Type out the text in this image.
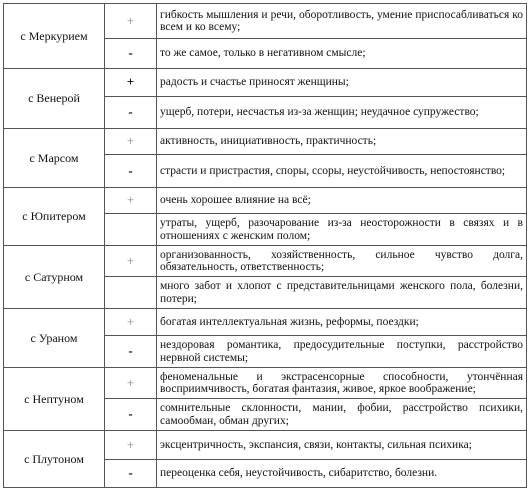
с Меркурием	+	гибкость мышления и речи, оборотливость, умение приспосабливаться ко всем и ко всему;
	-	то же самое, только в негативном смысле;
с Венерой	+	радость и счастье приносят женщины;
	-	ущерб, потери, несчастья из-за женщин; неудачное супружество;
с Марсом	+	активность, инициативность, практичность;
	-	страсти и пристрастия, споры, ссоры, неустойчивость, непостоянство;
с Юпитером	+	очень хорошее влияние на всё;
		утраты, ущерб, разочарование из-за неосторожности в связях и в отношениях с женским полом;
с Сатурном	+	организованность, хозяйственность, сильное чувство долга, обязательность, ответственность;
		много забот и хлопот с представительницами женского пола, болезни, потери;
с Ураном	+	богатая интеллектуальная жизнь, реформы, поездки;
	-	нездоровая романтика, предосудительные поступки, расстройство нервной системы;
с Нептуном	+	феноменальные и экстрасенсорные способности, утончённая восприимчивость, богатая фантазия, живое, яркое воображение;
	-	сомнительные склонности, мании, фобии, расстройство психики, самообман, обман других;
с Плутоном	+	эксцентричность, экспансия, связи, контакты, сильная психика;
	-	переоценка себя, неустойчивость, сибаритство, болезни.
